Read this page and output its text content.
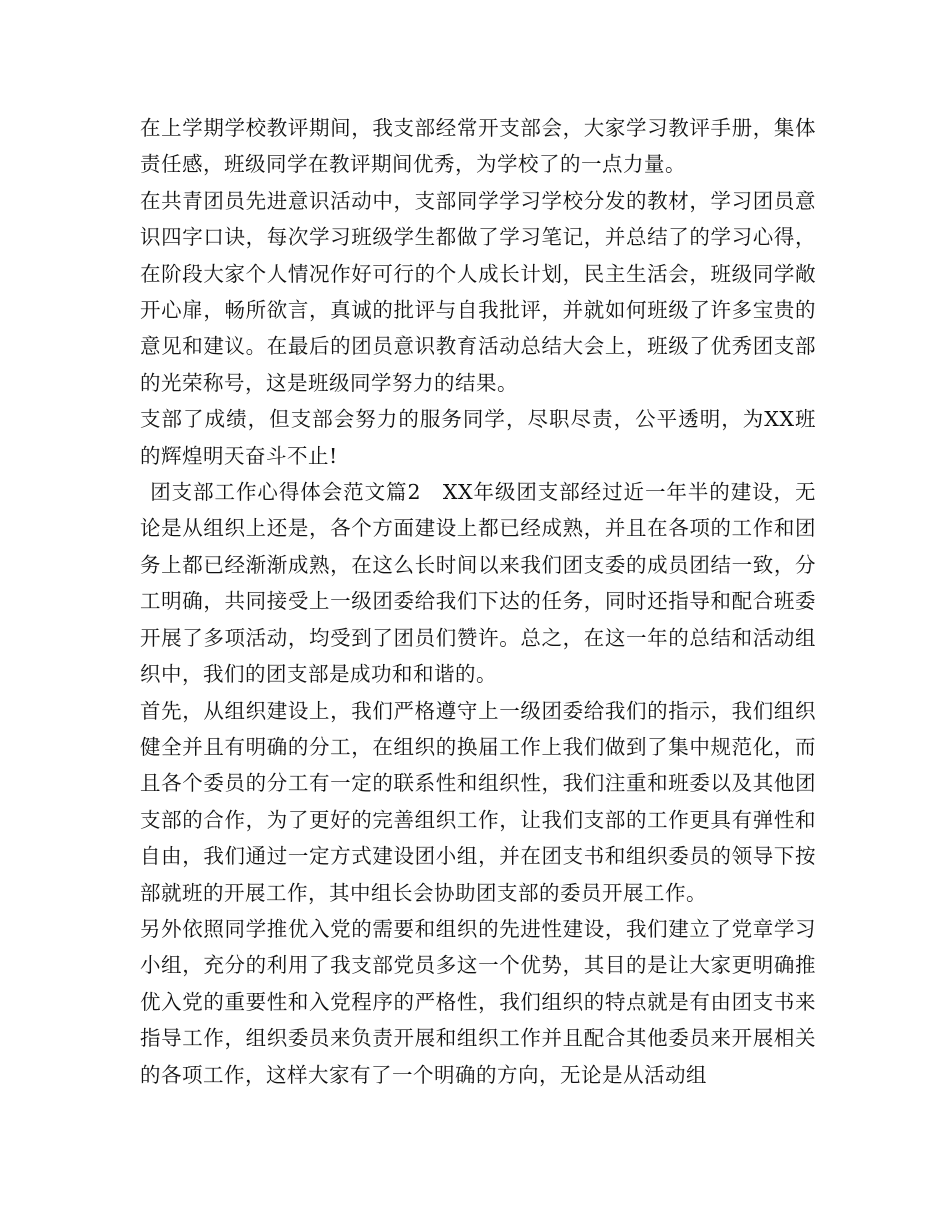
在上学期学校教评期间，我支部经常开支部会，大家学习教评手册，集体责任感，班级同学在教评期间优秀，为学校了的一点力量。

在共青团员先进意识活动中，支部同学学习学校分发的教材，学习团员意识四字口诀，每次学习班级学生都做了学习笔记，并总结了的学习心得，在阶段大家个人情况作好可行的个人成长计划，民主生活会，班级同学敞开心扉，畅所欲言，真诚的批评与自我批评，并就如何班级了许多宝贵的意见和建议。在最后的团员意识教育活动总结大会上，班级了优秀团支部的光荣称号，这是班级同学努力的结果。

支部了成绩，但支部会努力的服务同学，尽职尽责，公平透明，为XX班的辉煌明天奋斗不止!

团支部工作心得体会范文篇2　XX年级团支部经过近一年半的建设，无论是从组织上还是，各个方面建设上都已经成熟，并且在各项的工作和团务上都已经渐渐成熟，在这么长时间以来我们团支委的成员团结一致，分工明确，共同接受上一级团委给我们下达的任务，同时还指导和配合班委开展了多项活动，均受到了团员们赞许。总之，在这一年的总结和活动组织中，我们的团支部是成功和和谐的。

首先，从组织建设上，我们严格遵守上一级团委给我们的指示，我们组织健全并且有明确的分工，在组织的换届工作上我们做到了集中规范化，而且各个委员的分工有一定的联系性和组织性，我们注重和班委以及其他团支部的合作，为了更好的完善组织工作，让我们支部的工作更具有弹性和自由，我们通过一定方式建设团小组，并在团支书和组织委员的领导下按部就班的开展工作，其中组长会协助团支部的委员开展工作。

另外依照同学推优入党的需要和组织的先进性建设，我们建立了党章学习小组，充分的利用了我支部党员多这一个优势，其目的是让大家更明确推优入党的重要性和入党程序的严格性，我们组织的特点就是有由团支书来指导工作，组织委员来负责开展和组织工作并且配合其他委员来开展相关的各项工作，这样大家有了一个明确的方向，无论是从活动组
